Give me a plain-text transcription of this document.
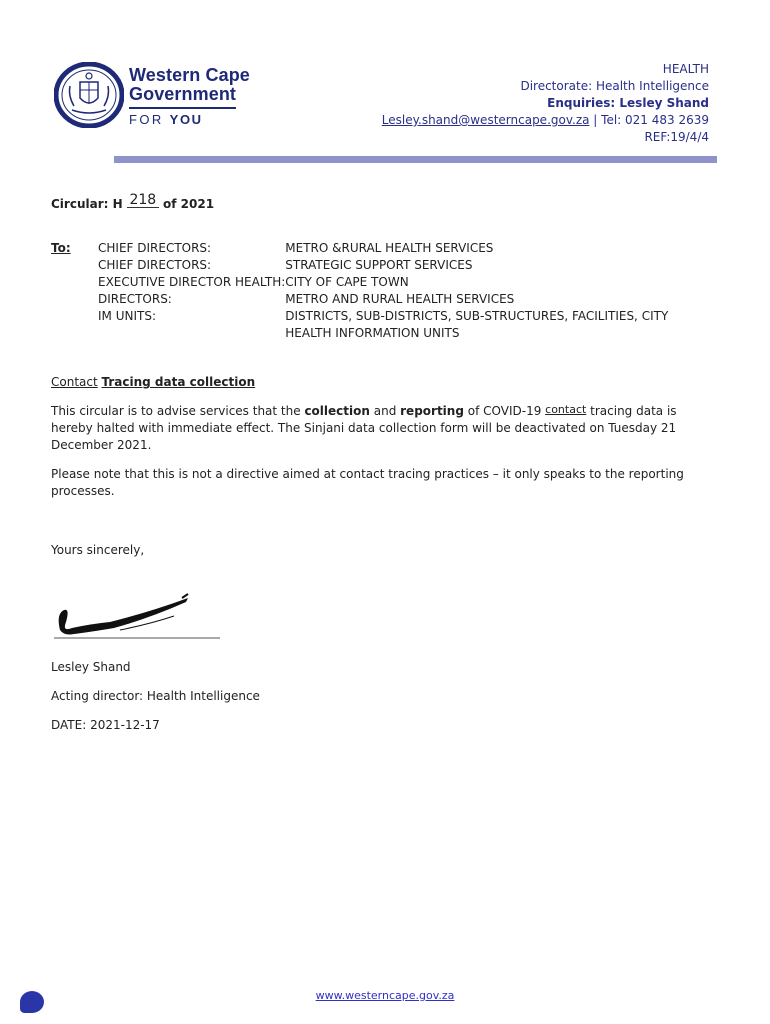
Western Cape
Government
FOR YOU
HEALTH
Directorate: Health Intelligence
Enquiries: Lesley Shand
Lesley.shand@westerncape.gov.za | Tel: 021 483 2639
REF:19/4/4
Circular: H 218 of 2021
To: CHIEF DIRECTORS:	METRO &RURAL HEALTH SERVICES
CHIEF DIRECTORS:	STRATEGIC SUPPORT SERVICES
EXECUTIVE DIRECTOR HEALTH:	CITY OF CAPE TOWN
DIRECTORS:	METRO AND RURAL HEALTH SERVICES
IM UNITS:	DISTRICTS, SUB-DISTRICTS, SUB-STRUCTURES, FACILITIES, CITY HEALTH INFORMATION UNITS
Contact Tracing data collection
This circular is to advise services that the collection and reporting of COVID-19 contact tracing data is hereby halted with immediate effect. The Sinjani data collection form will be deactivated on Tuesday 21 December 2021.
Please note that this is not a directive aimed at contact tracing practices – it only speaks to the reporting processes.
Yours sincerely,
Lesley Shand
Acting director: Health Intelligence
DATE: 2021-12-17
www.westerncape.gov.za
